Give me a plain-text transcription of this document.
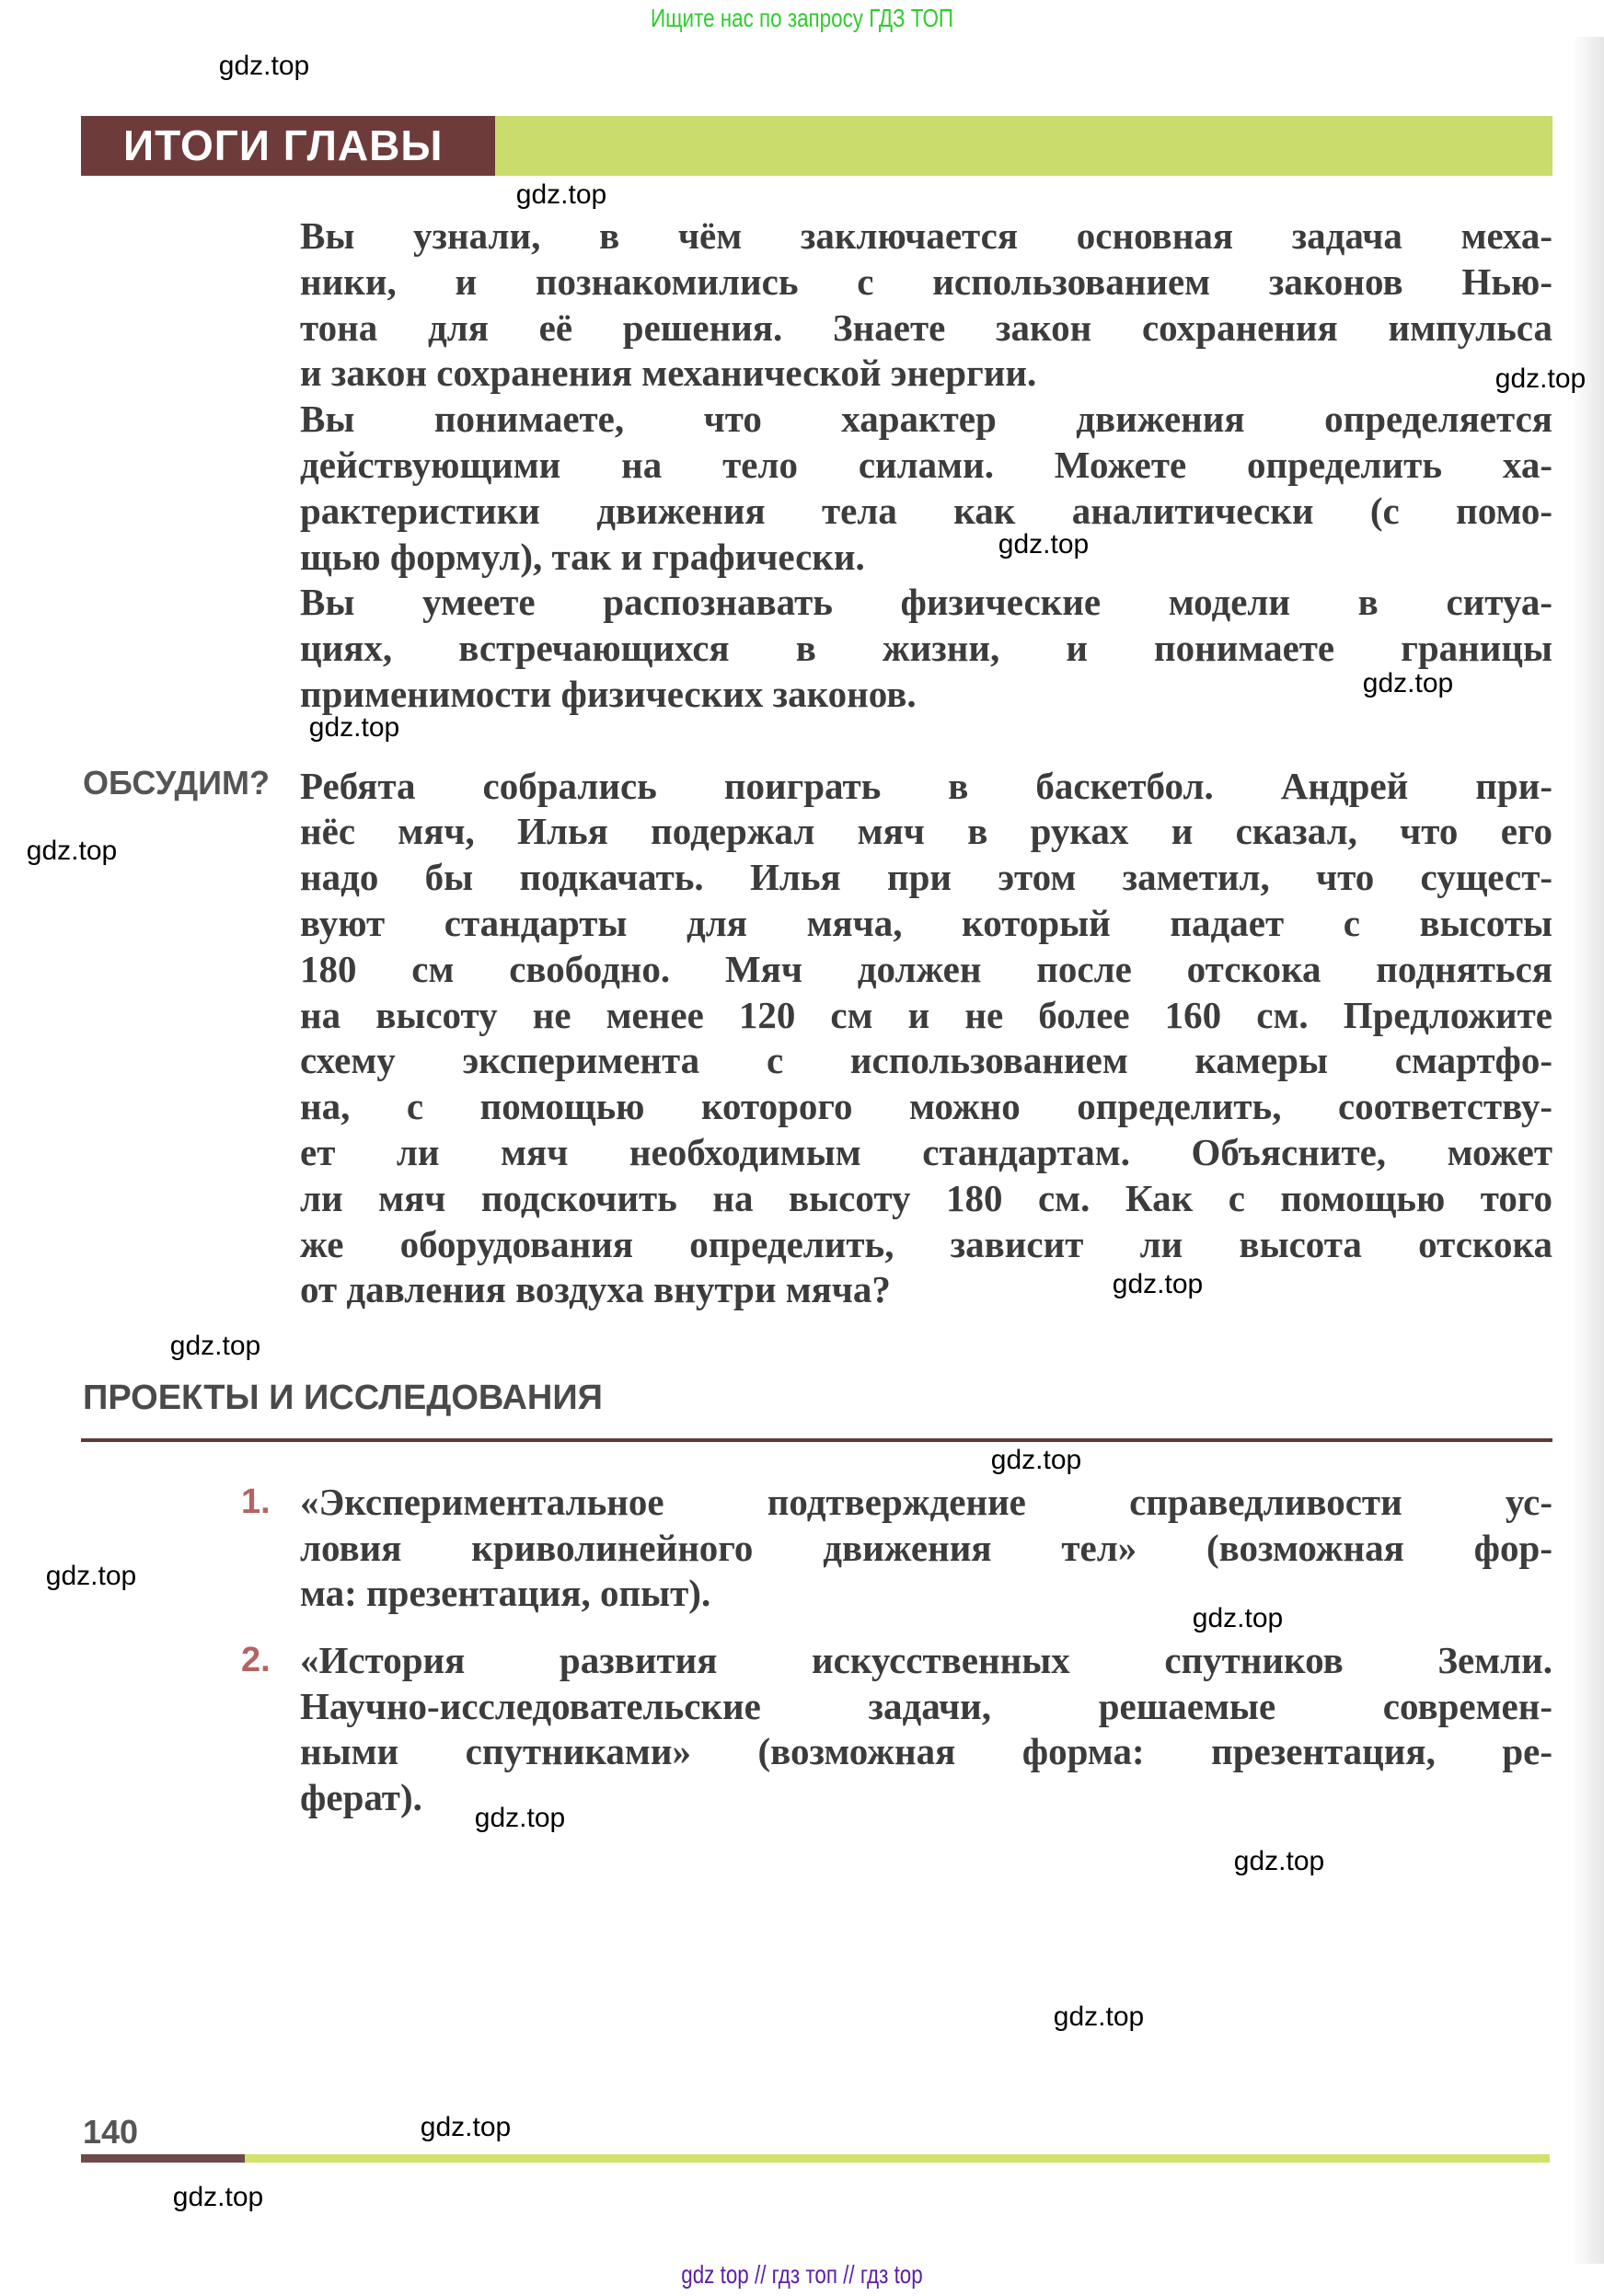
Ищите нас по запросу ГДЗ ТОП
ИТОГИ ГЛАВЫ
Вы узнали, в чём заключается основная задача меха-
ники, и познакомились с использованием законов Нью-
тона для её решения. Знаете закон сохранения импульса
и закон сохранения механической энергии.
Вы понимаете, что характер движения определяется
действующими на тело силами. Можете определить ха-
рактеристики движения тела как аналитически (с помо-
щью формул), так и графически.
Вы умеете распознавать физические модели в ситуа-
циях, встречающихся в жизни, и понимаете границы
применимости физических законов.
ОБСУДИМ? Ребята собрались поиграть в баскетбол. Андрей при-
нёс мяч, Илья подержал мяч в руках и сказал, что его
надо бы подкачать. Илья при этом заметил, что сущест-
вуют стандарты для мяча, который падает с высоты
180 см свободно. Мяч должен после отскока подняться
на высоту не менее 120 см и не более 160 см. Предложите
схему эксперимента с использованием камеры смартфо-
на, с помощью которого можно определить, соответству-
ет ли мяч необходимым стандартам. Объясните, может
ли мяч подскочить на высоту 180 см. Как с помощью того
же оборудования определить, зависит ли высота отскока
от давления воздуха внутри мяча?
ПРОЕКТЫ И ИССЛЕДОВАНИЯ
1. «Экспериментальное подтверждение справедливости ус-
ловия криволинейного движения тел» (возможная фор-
ма: презентация, опыт).
2. «История развития искусственных спутников Земли.
Научно-исследовательские задачи, решаемые современ-
ными спутниками» (возможная форма: презентация, ре-
ферат).
140
gdz top // гдз топ // гдз top
gdz.top
gdz.top
gdz.top
gdz.top
gdz.top
gdz.top
gdz.top
gdz.top
gdz.top
gdz.top
gdz.top
gdz.top
gdz.top
gdz.top
gdz.top
gdz.top
gdz.top
